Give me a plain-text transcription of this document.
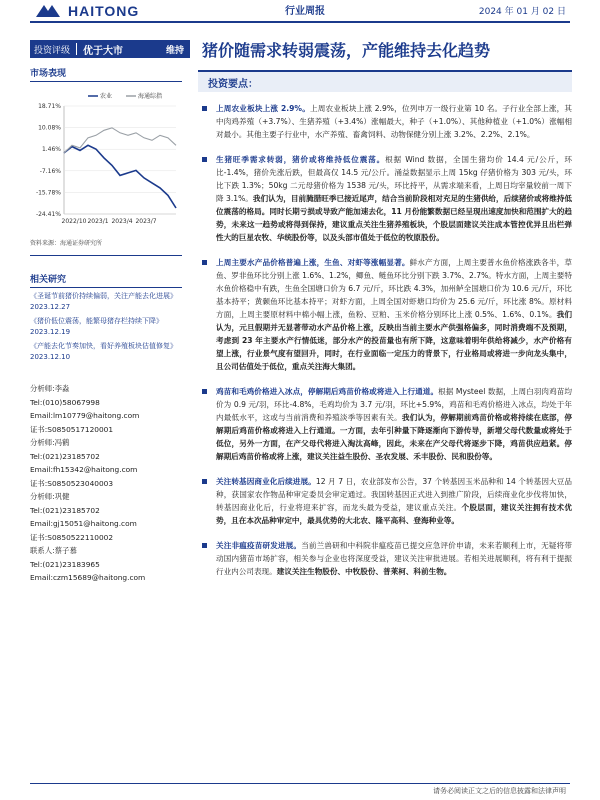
HAITONG	行业周报	2024 年 01 月 02 日
投资评级	优于大市	维持	猪价随需求转弱震荡，产能维持去化趋势
市场表现
18.71%
10.08%
1.46%
-7.16%
-15.78%
-24.41%
2022/10 2023/1 2023/4 2023/7
农业	海通综指
资料来源：海通证券研究所
相关研究
《圣诞节前猪价持续偏弱，关注产能去化进展》2023.12.27
《猪价低位震荡，能繁母猪存栏持续下降》2023.12.19
《产能去化节奏加快，看好养殖板块估值修复》2023.12.10
分析师:李淼
Tel:(010)58067998
Email:lm10779@haitong.com
证书:S0850517120001
分析师:冯鹤
Tel:(021)23185702
Email:fh15342@haitong.com
证书:S0850523040003
分析师:巩健
Tel:(021)23185702
Email:gj15051@haitong.com
证书:S0850522110002
联系人:蔡子慕
Tel:(021)23183965
Email:czm15689@haitong.com
投资要点：
上周农业板块上涨 2.9%。上周农业板块上涨 2.9%，位列申万一级行业第 10 名。子行业全部上涨，其中肉鸡养殖（+3.7%）、生猪养殖（+3.4%）涨幅最大，种子（+1.0%）、其他种植业（+1.0%）涨幅相对最小。其他主要子行业中，水产养殖、畜禽饲料、动物保健分别上涨 3.2%、2.2%、2.1%。
生猪旺季需求转弱，猪价或将维持低位震荡。根据 Wind 数据，全国生猪均价 14.4 元/公斤，环比-1.4%，猪价先涨后跌，但最高仅 14.5 元/公斤。涌益数据显示上周 15kg 仔猪价格为 303 元/头，环比下跌 1.3%；50kg 二元母猪价格为 1538 元/头，环比持平，从需求端来看，上周日均宰量较前一周下降 3.1%。我们认为，目前腌腊旺季已接近尾声，结合当前阶段相对充足的生猪供给，后续猪价或将维持低位震荡的格局。同时长期亏损或导致产能加速去化，11 月份能繁数据已经呈现出速度加快和范围扩大的趋势，未来这一趋势或将得到保持，建议重点关注生猪养殖板块，个股层面建议关注成本管控优异且出栏弹性大的巨星农牧、华统股份等，以及头部市值处于低位的牧原股份。
上周主要水产品价格普遍上涨，生鱼、对虾等涨幅显著。鲜水产方面，上周主要普水鱼价格涨跌各半，草鱼、罗非鱼环比分别上涨 1.6%、1.2%，鲫鱼、鲢鱼环比分别下跌 3.7%、2.7%。特水方面，上周主要特水鱼价格稳中有跌，生鱼全国塘口价为 6.7 元/斤，环比跌 4.3%，加州鲈全国塘口价为 10.6 元/斤，环比基本持平；黄颡鱼环比基本持平；对虾方面，上周全国对虾塘口均价为 25.6 元/斤，环比涨 8%。原材料方面，上周主要原材料中棉小幅上涨，鱼粉、豆粕、玉米价格分别环比上涨 0.5%、1.6%、0.1%。我们认为，元旦假期并无显著带动水产品价格上涨，反映出当前主要水产供强格偏多，同时消费端不及预期，考虑到 23 年主要水产行情低迷，部分水产的投苗量也有所下降，这意味着明年供给将减少，水产价格有望上涨，行业景气度有望回升，同时，在行业面临一定压力的背景下，行业格局或将进一步向龙头集中，且公司估值处于低位，重点关注海大集团。
鸡苗和毛鸡价格进入冰点，停解期后鸡苗价格或将进入上行通道。根据 Mysteel 数据，上周白羽肉鸡苗均价为 0.9 元/羽，环比-4.8%，毛鸡均价为 3.7 元/羽，环比+5.9%，鸡苗和毛鸡价格进入冰点，均处于年内最低水平，这或与当前消费和养殖淡季等因素有关。我们认为，停解期前鸡苗价格或将持续在底部，停解期后鸡苗价格或将进入上行通道。一方面，去年引种量下降逐渐向下游传导，新增父母代数量或将处于低位，另外一方面，在产父母代将进入淘汰高峰，因此，未来在产父母代将逐步下降，鸡苗供应趋紧。停解期后鸡苗价格或将上涨，建议关注益生股份、圣农发展、禾丰股份、民和股份等。
关注转基因商业化后续进展。12 月 7 日，农业部发布公告，37 个转基因玉米品种和 14 个转基因大豆品种，获国家农作物品种审定委员会审定通过。我国转基因正式进入到推广阶段，后续商业化步伐将加快，转基因商业化后，行业将迎来扩容，而龙头最为受益，建议重点关注。个股层面，建议关注拥有技术优势，且在本次品种审定中，最具优势的大北农、隆平高科、登海种业等。
关注非瘟疫苗研发进展。当前兰兽研和中科院非瘟疫苗已提交应急评价申请，未来若顺利上市，无疑将带动国内猪苗市场扩容，相关参与企业也将深度受益，建议关注审批进展。若相关进展顺利，将有利于提振行业内公司表现。建议关注生物股份、中牧股份、普莱柯、科前生物。
请务必阅读正文之后的信息披露和法律声明
